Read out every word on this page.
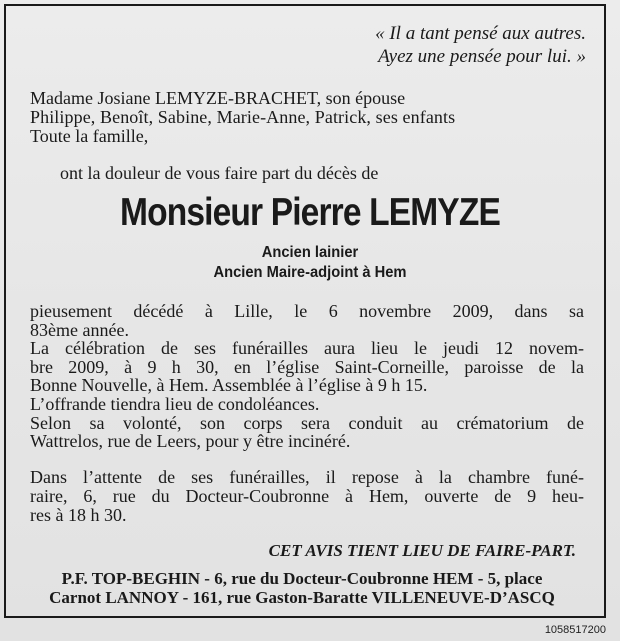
« Il a tant pensé aux autres.
Ayez une pensée pour lui. »
Madame Josiane LEMYZE-BRACHET, son épouse
Philippe, Benoît, Sabine, Marie-Anne, Patrick, ses enfants
Toute la famille,
ont la douleur de vous faire part du décès de
Monsieur Pierre LEMYZE
Ancien lainier
Ancien Maire-adjoint à Hem
pieusement décédé à Lille, le 6 novembre 2009, dans sa
83ème année.
La célébration de ses funérailles aura lieu le jeudi 12 novem-
bre 2009, à 9 h 30, en l’église Saint-Corneille, paroisse de la
Bonne Nouvelle, à Hem. Assemblée à l’église à 9 h 15.
L’offrande tiendra lieu de condoléances.
Selon sa volonté, son corps sera conduit au crématorium de
Wattrelos, rue de Leers, pour y être incinéré.
Dans l’attente de ses funérailles, il repose à la chambre funé-
raire, 6, rue du Docteur-Coubronne à Hem, ouverte de 9 heu-
res à 18 h 30.
CET AVIS TIENT LIEU DE FAIRE-PART.
P.F. TOP-BEGHIN - 6, rue du Docteur-Coubronne HEM - 5, place
Carnot LANNOY - 161, rue Gaston-Baratte VILLENEUVE-D’ASCQ
1058517200
